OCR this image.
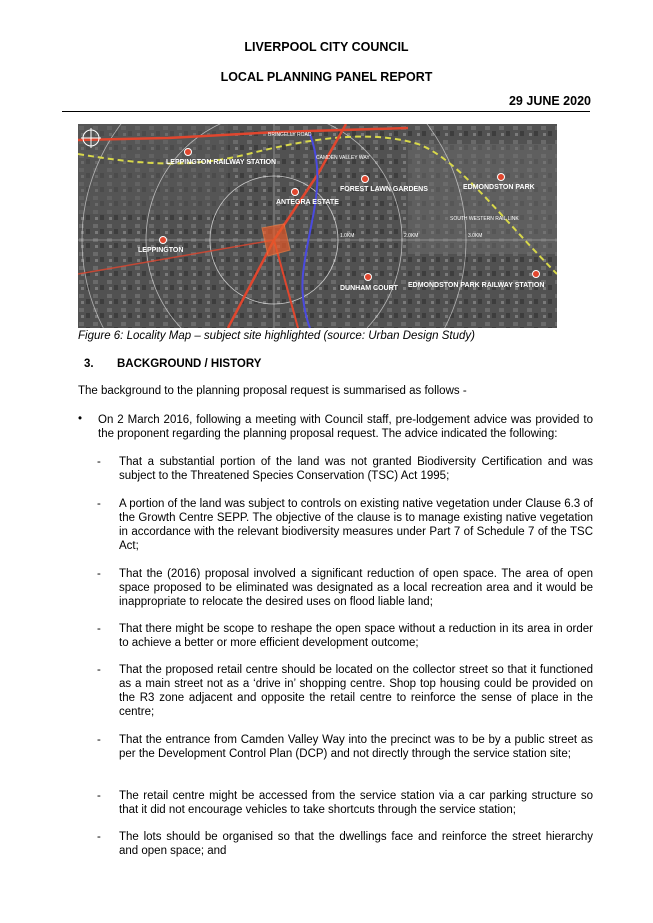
LIVERPOOL CITY COUNCIL
LOCAL PLANNING PANEL REPORT
29 JUNE 2020
LEPPINGTON RAILWAY STATION
ANTEGRA ESTATE
FOREST LAWN GARDENS	EDMONDSTON PARK
LEPPINGTON
DUNHAM COURT EDMONDSTON PARK RAILWAY STATION
BRINGELLY ROAD
CAMDEN VALLEY WAY
SOUTH WESTERN RAIL LINK
1.0KM	2.0KM	3.0KM
Figure 6: Locality Map – subject site highlighted (source: Urban Design Study)
3. BACKGROUND / HISTORY
The background to the planning proposal request is summarised as follows -
• On 2 March 2016, following a meeting with Council staff, pre-lodgement advice was provided to the proponent regarding the planning proposal request. The advice indicated the following:
- That a substantial portion of the land was not granted Biodiversity Certification and was subject to the Threatened Species Conservation (TSC) Act 1995;
- A portion of the land was subject to controls on existing native vegetation under Clause 6.3 of the Growth Centre SEPP. The objective of the clause is to manage existing native vegetation in accordance with the relevant biodiversity measures under Part 7 of Schedule 7 of the TSC Act;
- That the (2016) proposal involved a significant reduction of open space. The area of open space proposed to be eliminated was designated as a local recreation area and it would be inappropriate to relocate the desired uses on flood liable land;
- That there might be scope to reshape the open space without a reduction in its area in order to achieve a better or more efficient development outcome;
- That the proposed retail centre should be located on the collector street so that it functioned as a main street not as a ‘drive in’ shopping centre. Shop top housing could be provided on the R3 zone adjacent and opposite the retail centre to reinforce the sense of place in the centre;
- That the entrance from Camden Valley Way into the precinct was to be by a public street as per the Development Control Plan (DCP) and not directly through the service station site;
- The retail centre might be accessed from the service station via a car parking structure so that it did not encourage vehicles to take shortcuts through the service station;
- The lots should be organised so that the dwellings face and reinforce the street hierarchy and open space; and
